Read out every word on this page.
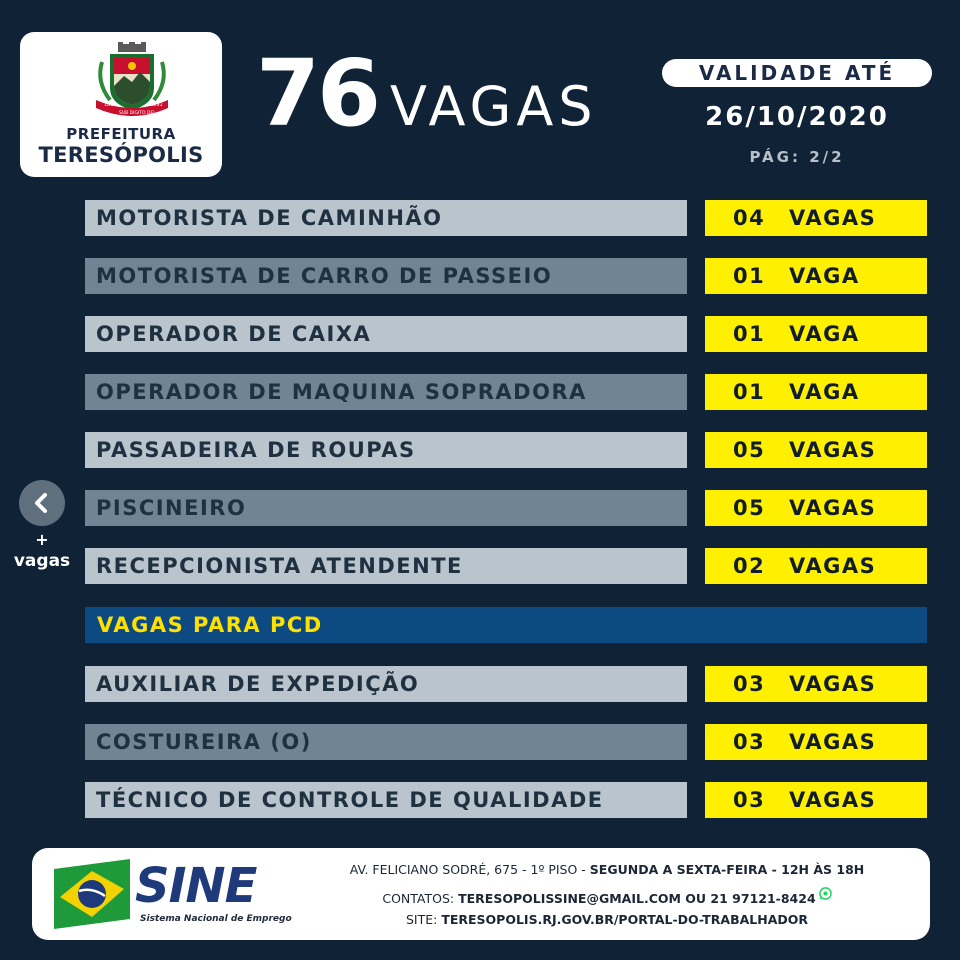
1891	1891
SUB DIGITO DEI
PREFEITURA
TERESÓPOLIS
76 VAGAS
VALIDADE ATÉ
26/10/2020
PÁG: 2/2
MOTORISTA DE CAMINHÃO	04	VAGAS
MOTORISTA DE CARRO DE PASSEIO	01	VAGA
OPERADOR DE CAIXA	01	VAGA
OPERADOR DE MAQUINA SOPRADORA	01	VAGA
PASSADEIRA DE ROUPAS	05	VAGAS
PISCINEIRO	05	VAGAS
RECEPCIONISTA ATENDENTE	02	VAGAS
VAGAS PARA PCD
AUXILIAR DE EXPEDIÇÃO	03	VAGAS
COSTUREIRA (O)	03	VAGAS
TÉCNICO DE CONTROLE DE QUALIDADE	03	VAGAS
+
vagas
SINE
Sistema Nacional de Emprego
AV. FELICIANO SODRÉ, 675 - 1º PISO - SEGUNDA A SEXTA-FEIRA - 12H ÀS 18H
CONTATOS: TERESOPOLISSINE@GMAIL.COM OU 21 97121-8424
SITE: TERESOPOLIS.RJ.GOV.BR/PORTAL-DO-TRABALHADOR
